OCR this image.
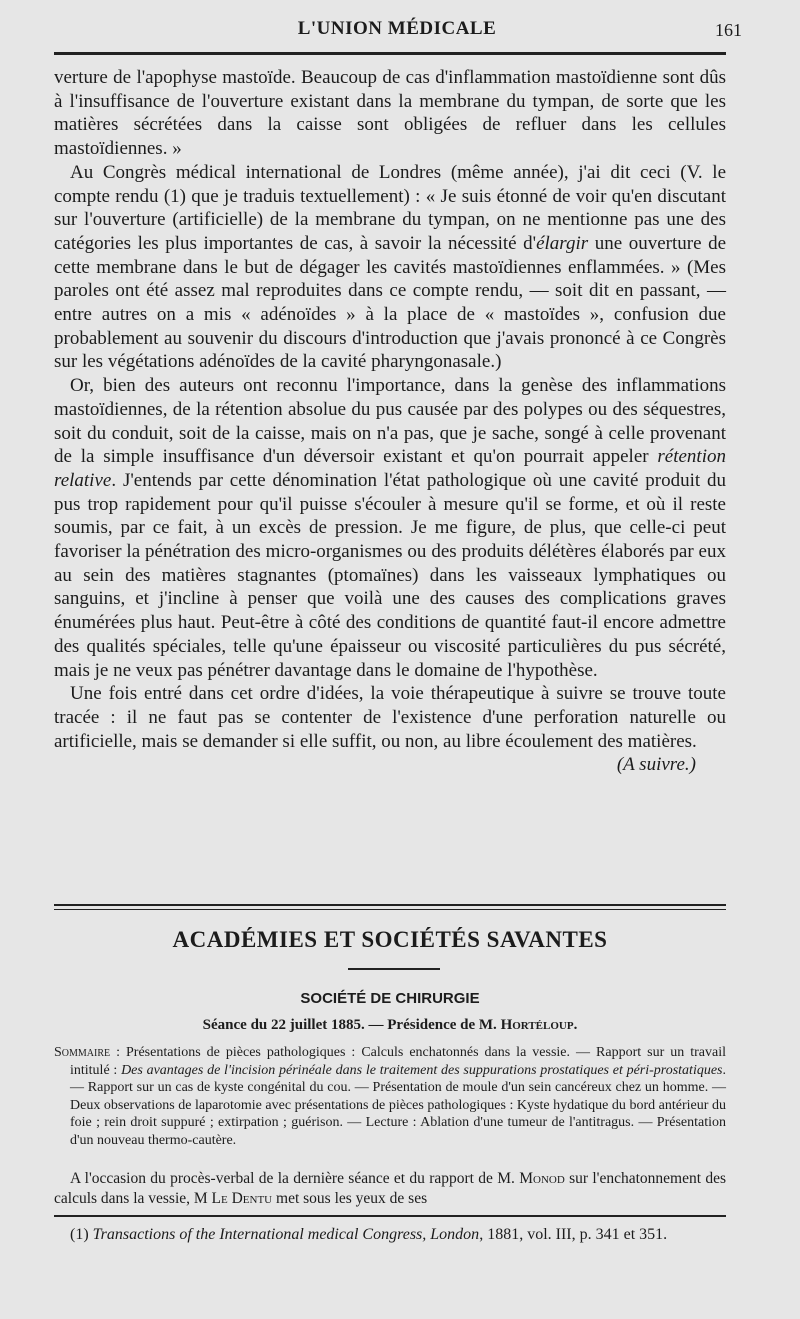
L'UNION MÉDICALE	161

verture de l'apophyse mastoïde. Beaucoup de cas d'inflammation mastoïdienne sont dûs à l'insuffisance de l'ouverture existant dans la membrane du tympan, de sorte que les matières sécrétées dans la caisse sont obligées de refluer dans les cellules mastoïdiennes. »

Au Congrès médical international de Londres (même année), j'ai dit ceci (V. le compte rendu (1) que je traduis textuellement) : « Je suis étonné de voir qu'en discutant sur l'ouverture (artificielle) de la membrane du tympan, on ne mentionne pas une des catégories les plus importantes de cas, à savoir la nécessité d'élargir une ouverture de cette membrane dans le but de dégager les cavités mastoïdiennes enflammées. » (Mes paroles ont été assez mal reproduites dans ce compte rendu, — soit dit en passant, — entre autres on a mis « adénoïdes » à la place de « mastoïdes », confusion due probablement au souvenir du discours d'introduction que j'avais prononcé à ce Congrès sur les végétations adénoïdes de la cavité pharyngonasale.)

Or, bien des auteurs ont reconnu l'importance, dans la genèse des inflammations mastoïdiennes, de la rétention absolue du pus causée par des polypes ou des séquestres, soit du conduit, soit de la caisse, mais on n'a pas, que je sache, songé à celle provenant de la simple insuffisance d'un déversoir existant et qu'on pourrait appeler rétention relative. J'entends par cette dénomination l'état pathologique où une cavité produit du pus trop rapidement pour qu'il puisse s'écouler à mesure qu'il se forme, et où il reste soumis, par ce fait, à un excès de pression. Je me figure, de plus, que celle-ci peut favoriser la pénétration des micro-organismes ou des produits délétères élaborés par eux au sein des matières stagnantes (ptomaïnes) dans les vaisseaux lymphatiques ou sanguins, et j'incline à penser que voilà une des causes des complications graves énumérées plus haut. Peut-être à côté des conditions de quantité faut-il encore admettre des qualités spéciales, telle qu'une épaisseur ou viscosité particulières du pus sécrété, mais je ne veux pas pénétrer davantage dans le domaine de l'hypothèse.

Une fois entré dans cet ordre d'idées, la voie thérapeutique à suivre se trouve toute tracée : il ne faut pas se contenter de l'existence d'une perforation naturelle ou artificielle, mais se demander si elle suffit, ou non, au libre écoulement des matières.
(A suivre.)

ACADÉMIES ET SOCIÉTÉS SAVANTES
SOCIÉTÉ DE CHIRURGIE
Séance du 22 juillet 1885. — Présidence de M. Hortéloup.
Sommaire : Présentations de pièces pathologiques : Calculs enchatonnés dans la vessie. — Rapport sur un travail intitulé : Des avantages de l'incision périnéale dans le traitement des suppurations prostatiques et péri-prostatiques. — Rapport sur un cas de kyste congénital du cou. — Présentation de moule d'un sein cancéreux chez un homme. — Deux observations de laparotomie avec présentations de pièces pathologiques : Kyste hydatique du bord antérieur du foie ; rein droit suppuré ; extirpation ; guérison. — Lecture : Ablation d'une tumeur de l'antitragus. — Présentation d'un nouveau thermo-cautère.
A l'occasion du procès-verbal de la dernière séance et du rapport de M. Monod sur l'enchatonnement des calculs dans la vessie, M Le Dentu met sous les yeux de ses
(1) Transactions of the International medical Congress, London, 1881, vol. III, p. 341 et 351.
